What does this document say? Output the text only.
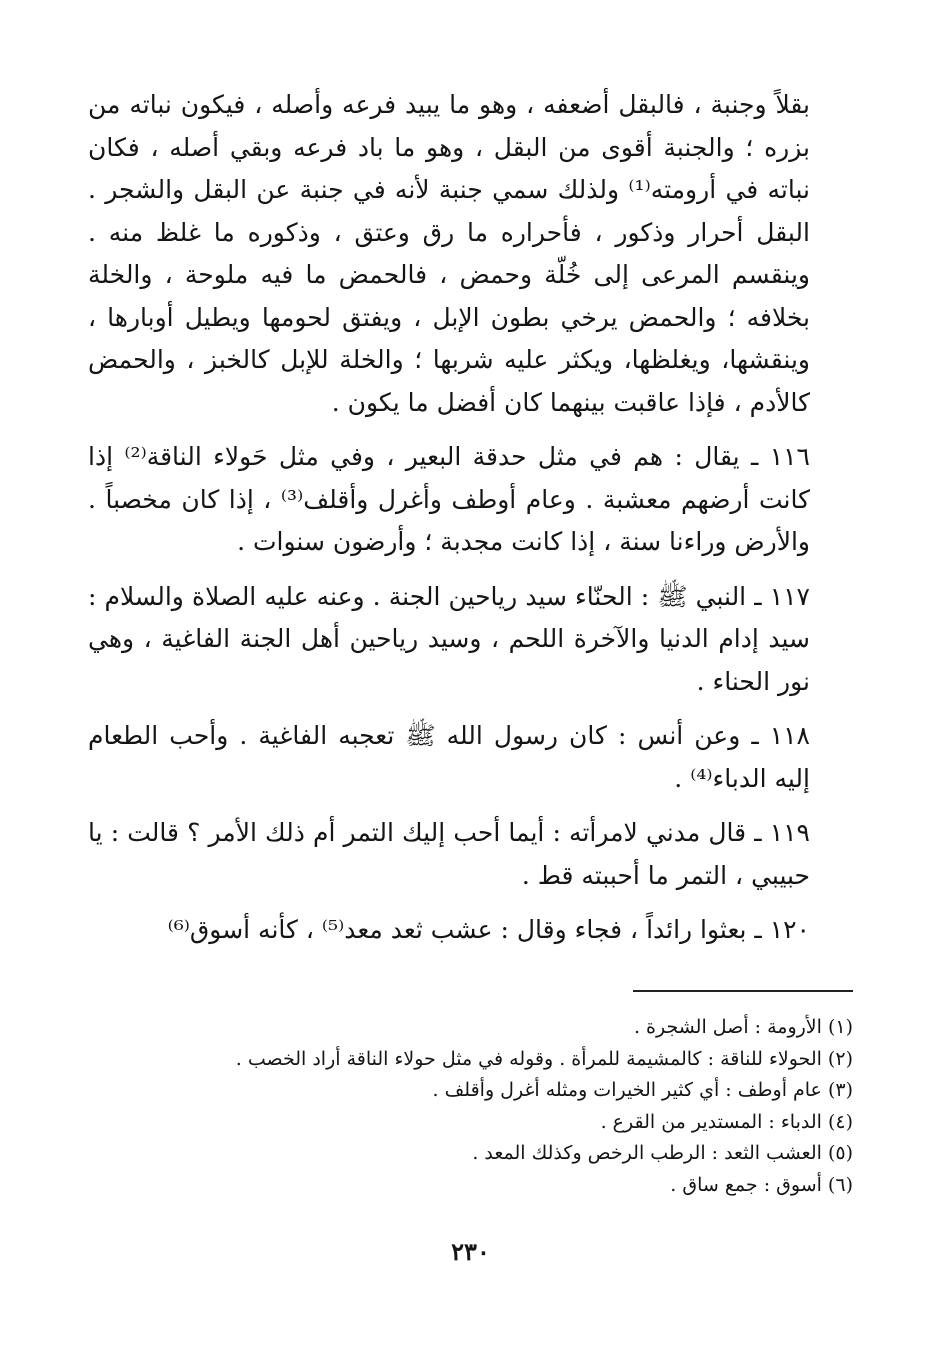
بقلاً وجنبة ، فالبقل أضعفه ، وهو ما يبيد فرعه وأصله ، فيكون نباته من بزره ؛ والجنبة أقوى من البقل ، وهو ما باد فرعه وبقي أصله ، فكان نباته في أرومته⁽¹⁾ ولذلك سمي جنبة لأنه في جنبة عن البقل والشجر . البقل أحرار وذكور ، فأحراره ما رق وعتق ، وذكوره ما غلظ منه . وينقسم المرعى إلى خُلّة وحمض ، فالحمض ما فيه ملوحة ، والخلة بخلافه ؛ والحمض يرخي بطون الإبل ، ويفتق لحومها ويطيل أوبارها ، وينقشها، ويغلظها، ويكثر عليه شربها ؛ والخلة للإبل كالخبز ، والحمض كالأدم ، فإذا عاقبت بينهما كان أفضل ما يكون .

١١٦ ـ يقال : هم في مثل حدقة البعير ، وفي مثل حَولاء الناقة⁽²⁾ إذا كانت أرضهم معشبة . وعام أوطف وأغرل وأقلف⁽³⁾ ، إذا كان مخصباً . والأرض وراءنا سنة ، إذا كانت مجدبة ؛ وأرضون سنوات .

١١٧ ـ النبي ﷺ : الحنّاء سيد رياحين الجنة . وعنه عليه الصلاة والسلام : سيد إدام الدنيا والآخرة اللحم ، وسيد رياحين أهل الجنة الفاغية ، وهي نور الحناء .

١١٨ ـ وعن أنس : كان رسول الله ﷺ تعجبه الفاغية . وأحب الطعام إليه الدباء⁽⁴⁾ .

١١٩ ـ قال مدني لامرأته : أيما أحب إليك التمر أم ذلك الأمر ؟ قالت : يا حبيبي ، التمر ما أحببته قط .

١٢٠ ـ بعثوا رائداً ، فجاء وقال : عشب ثعد معد⁽⁵⁾ ، كأنه أسوق⁽⁶⁾

(١) الأرومة : أصل الشجرة .

(٢) الحولاء للناقة : كالمشيمة للمرأة . وقوله في مثل حولاء الناقة أراد الخصب .

(٣) عام أوطف : أي كثير الخيرات ومثله أغرل وأقلف .

(٤) الدباء : المستدير من القرع .

(٥) العشب الثعد : الرطب الرخص وكذلك المعد .

(٦) أسوق : جمع ساق .

٢٣٠
